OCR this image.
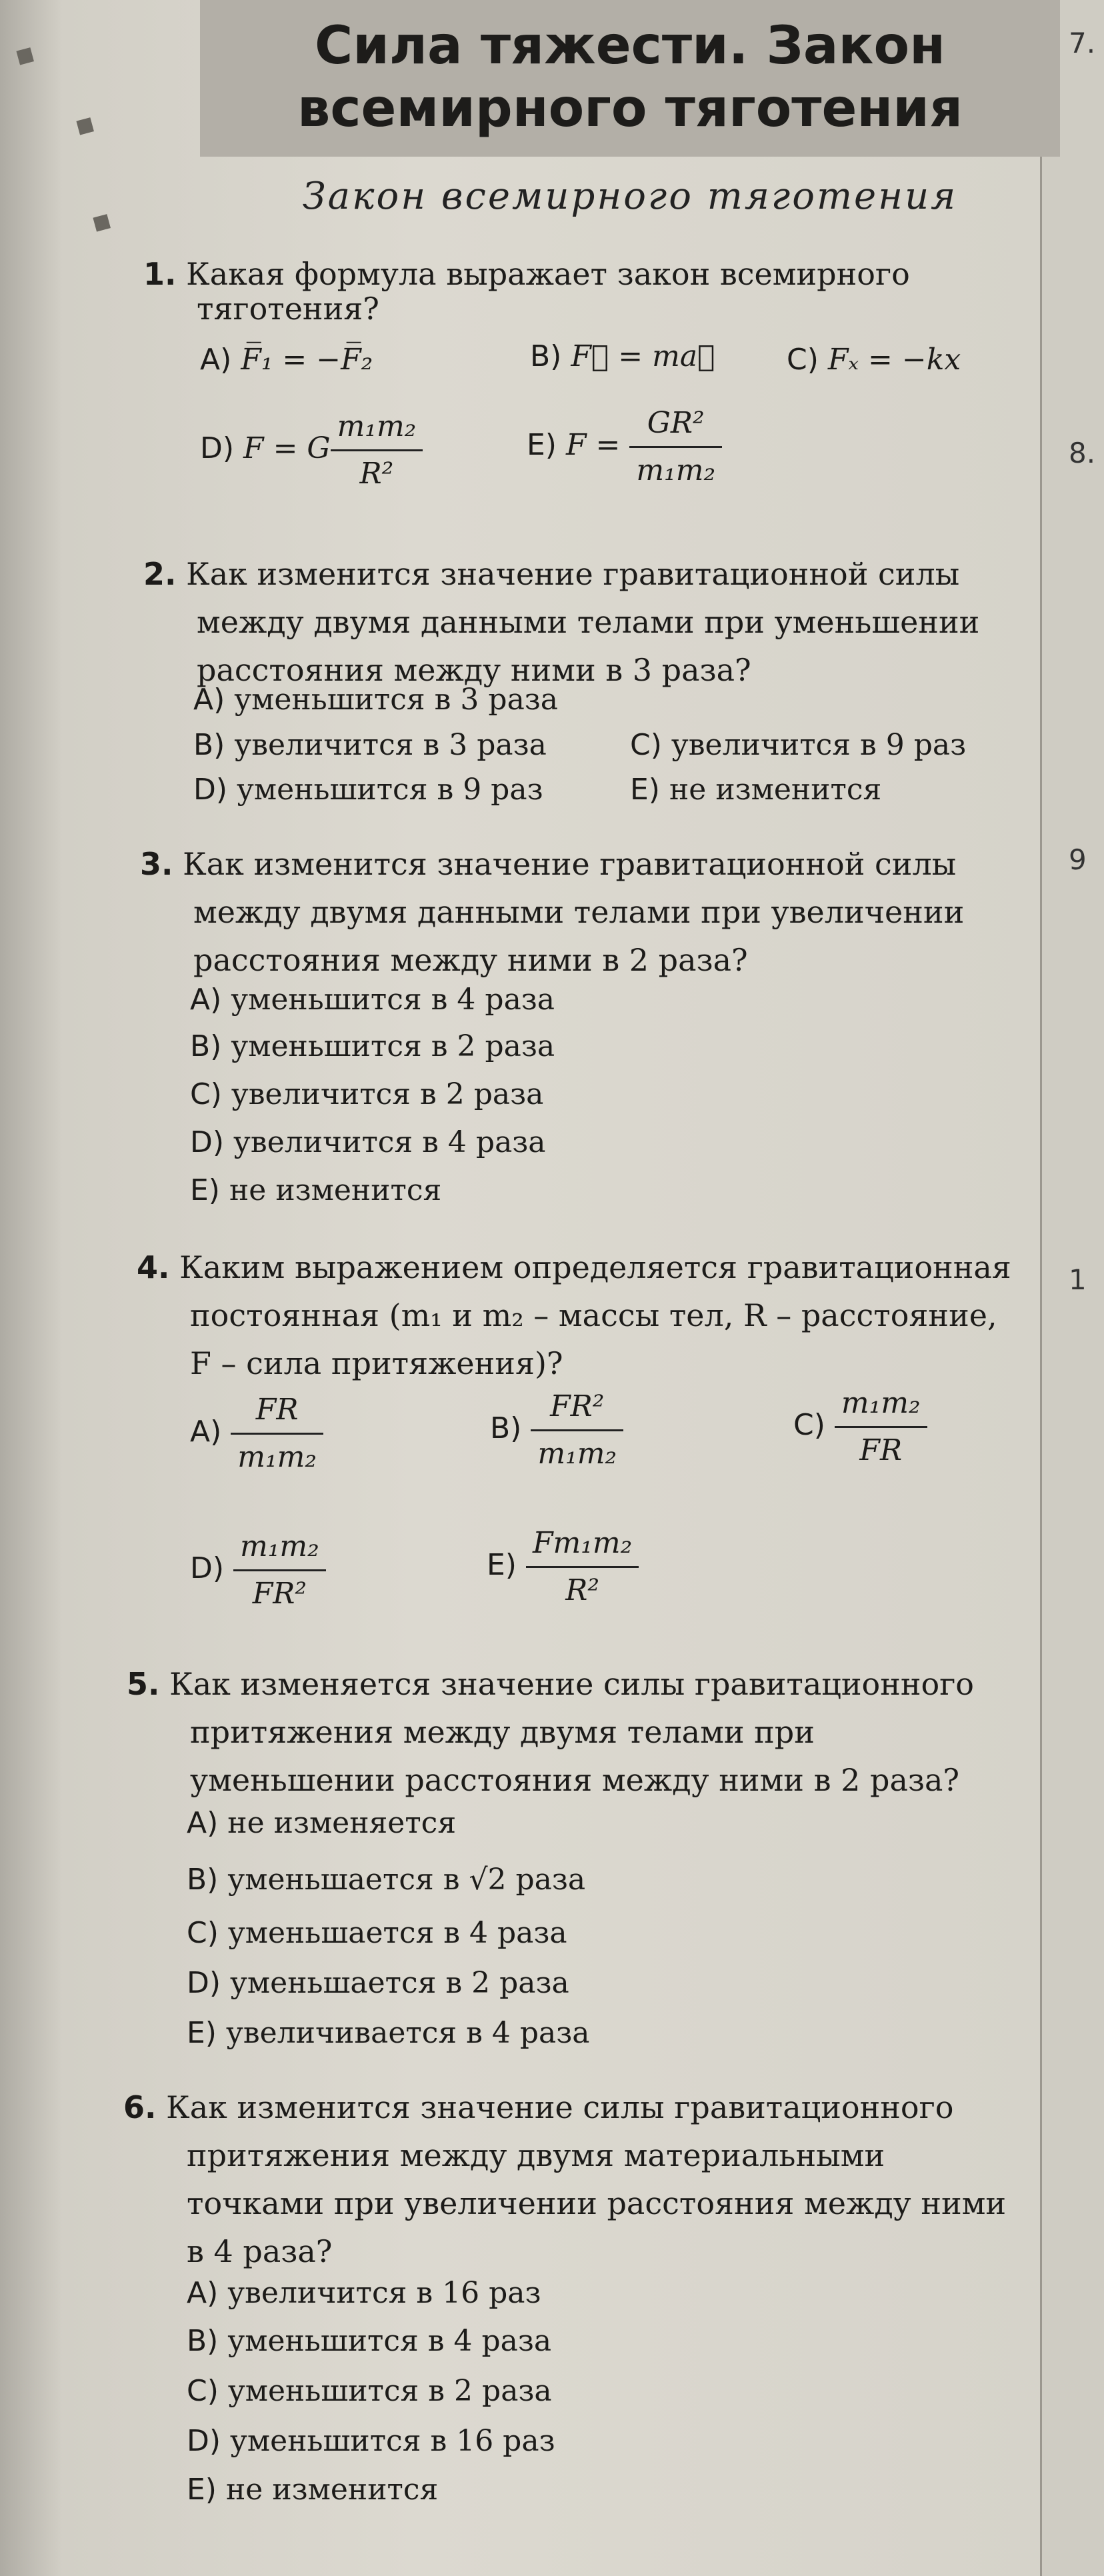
7.
8.
9
1
◆
◆
◆
Сила тяжести. Закон
всемирного тяготения
Закон всемирного тяготения
1. Какая формула выражает закон всемирного
тяготения?
A) F̅₁ = −F̅₂	B) F⃗ = ma⃗ C) Fₓ = −kx
D) F = G $\frac{\text{m₁m₂}}{\text{R²}}$	E) $F = \frac{\text{GR²}}{\text{m₁m₂}}$
2. Как изменится значение гравитационной силы
между двумя данными телами при уменьшении
расстояния между ними в 3 раза?
A) уменьшится в 3 раза
B) увеличится в 3 раза	C) увеличится в 9 раз
D) уменьшится в 9 раз	E) не изменится
3. Как изменится значение гравитационной силы
между двумя данными телами при увеличении
расстояния между ними в 2 раза?
A) уменьшится в 4 раза
B) уменьшится в 2 раза
C) увеличится в 2 раза
D) увеличится в 4 раза
E) не изменится
4. Каким выражением определяется гравитационная
постоянная (m₁ и m₂ – массы тел, R – расстояние,
F – сила притяжения)?
$A) \frac{FR}{\text{m₁m₂}}$	$B) \frac{\text{FR²}}{\text{m₁m₂}}$	$C) \frac{\text{m₁m₂}}{FR}$
$D) \frac{\text{m₁m₂}}{\text{FR²}}$	$E) \frac{\text{Fm₁m₂}}{\text{R²}}$
5. Как изменяется значение силы гравитационного
притяжения между двумя телами при
уменьшении расстояния между ними в 2 раза?
A) не изменяется
B) уменьшается в √2 раза
C) уменьшается в 4 раза
D) уменьшается в 2 раза
E) увеличивается в 4 раза
6. Как изменится значение силы гравитационного
притяжения между двумя материальными
точками при увеличении расстояния между ними
в 4 раза?
A) увеличится в 16 раз
B) уменьшится в 4 раза
C) уменьшится в 2 раза
D) уменьшится в 16 раз
E) не изменится
